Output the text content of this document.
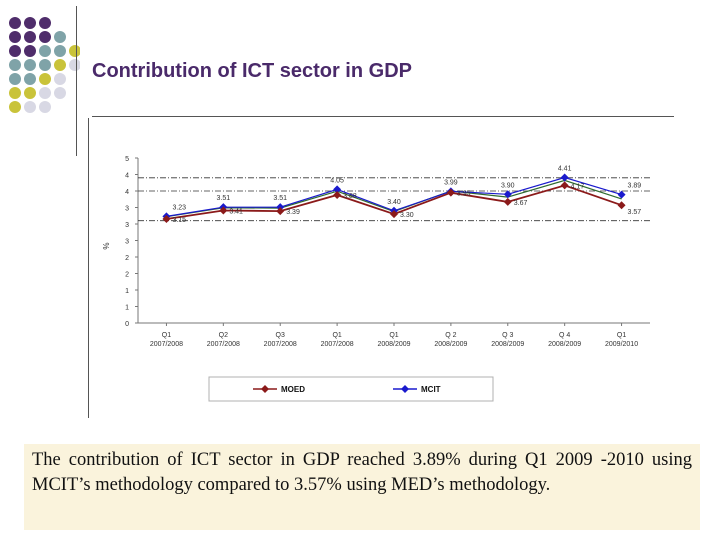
Contribution of ICT sector in GDP
0
1
1
2
2
3
3
3
4
4
5
%
Q1
2007/2008
Q2
2007/2008
Q3
2007/2008
Q1
2007/2008
Q1
2008/2009
Q 2
2008/2009
Q 3
2008/2009
Q 4
2008/2009
Q1
2009/2010
3.23
3.51	3.51
4.05
3.40
3.99	3.90
4.41
3.89
3.15
3.41	3.39
3.88
3.30
3.95
3.67
4.17
3.57
MOED	MCIT
The contribution of ICT sector in GDP reached 3.89% during Q1 2009 -2010 using MCIT’s methodology compared to 3.57% using MED’s methodology.
